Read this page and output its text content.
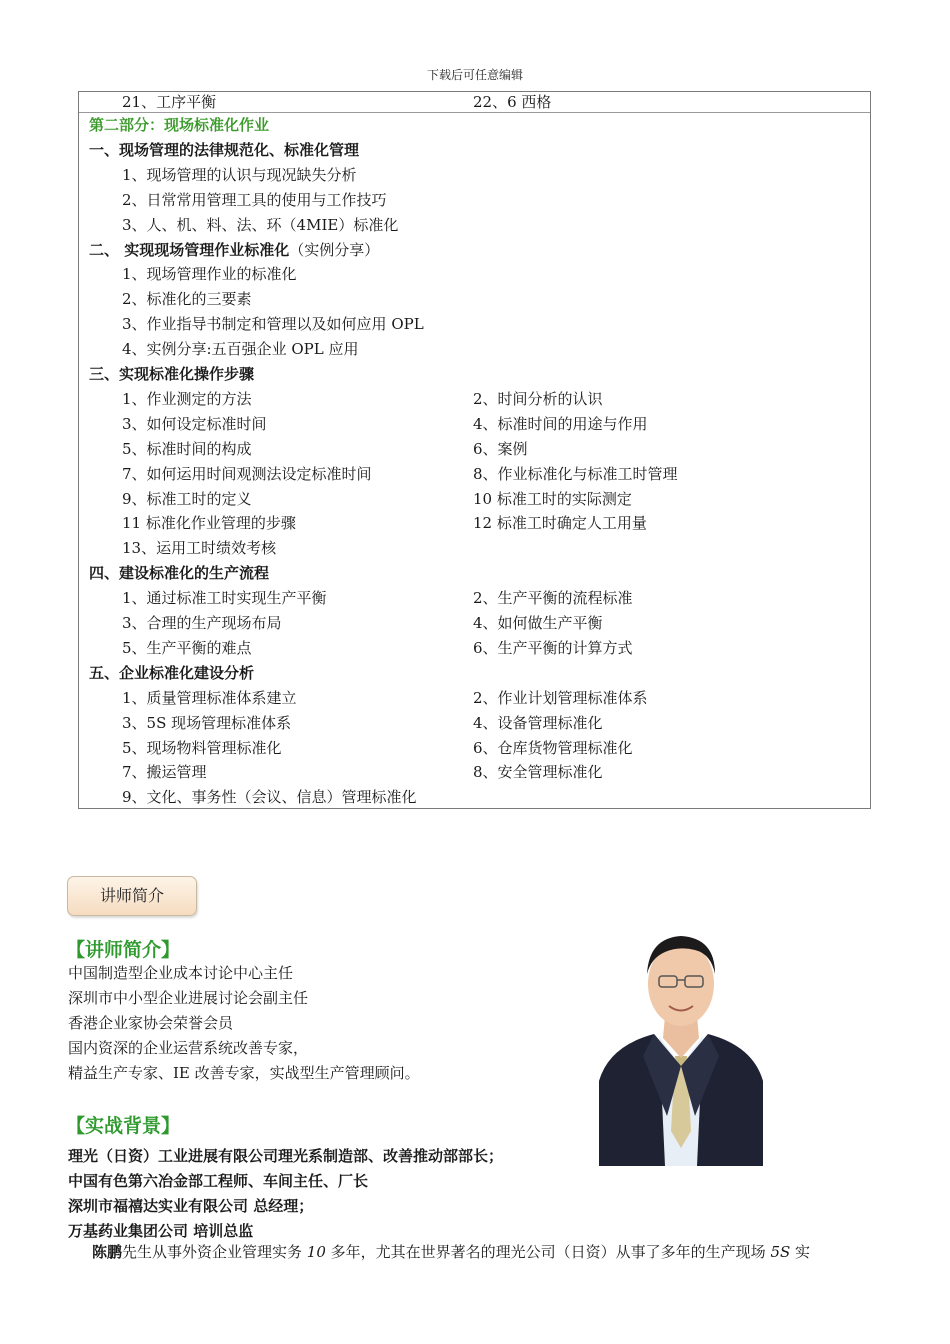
下载后可任意编辑
21、工序平衡	22、6 西格
第二部分：现场标准化作业
一、现场管理的法律规范化、标准化管理
1、现场管理的认识与现况缺失分析
2、日常常用管理工具的使用与工作技巧
3、人、机、料、法、环（4MIE）标准化
二、 实现现场管理作业标准化（实例分享）
1、现场管理作业的标准化
2、标准化的三要素
3、作业指导书制定和管理以及如何应用 OPL
4、实例分享:五百强企业 OPL 应用
三、实现标准化操作步骤
1、作业测定的方法	2、时间分析的认识
3、如何设定标准时间	4、标准时间的用途与作用
5、标准时间的构成	6、案例
7、如何运用时间观测法设定标准时间	8、作业标准化与标准工时管理
9、标准工时的定义	10 标准工时的实际测定
11 标准化作业管理的步骤	12 标准工时确定人工用量
13、运用工时绩效考核
四、建设标准化的生产流程
1、通过标准工时实现生产平衡	2、生产平衡的流程标准
3、合理的生产现场布局	4、如何做生产平衡
5、生产平衡的难点	6、生产平衡的计算方式
五、企业标准化建设分析
1、质量管理标准体系建立	2、作业计划管理标准体系
3、5S 现场管理标准体系	4、设备管理标准化
5、现场物料管理标准化	6、仓库货物管理标准化
7、搬运管理	8、安全管理标准化
9、文化、事务性（会议、信息）管理标准化
讲师简介
【讲师简介】
中国制造型企业成本讨论中心主任
深圳市中小型企业进展讨论会副主任
香港企业家协会荣誉会员
国内资深的企业运营系统改善专家，
精益生产专家、IE 改善专家，实战型生产管理顾问。
【实战背景】
理光（日资）工业进展有限公司理光系制造部、改善推动部部长；
中国有色第六冶金部工程师、车间主任、厂长
深圳市福禧达实业有限公司 总经理；
万基药业集团公司 培训总监
陈鹏先生从事外资企业管理实务 10 多年，尤其在世界著名的理光公司（日资）从事了多年的生产现场 5S 实
